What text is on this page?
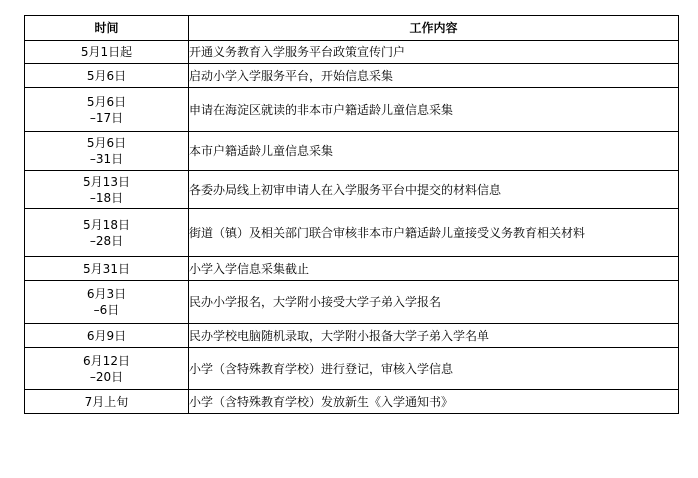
时间	工作内容

5月1日起	开通义务教育入学服务平台政策宣传门户

5月6日	启动小学入学服务平台，开始信息采集

5月6日
–17日	申请在海淀区就读的非本市户籍适龄儿童信息采集

5月6日
–31日	本市户籍适龄儿童信息采集

5月13日
–18日	各委办局线上初审申请人在入学服务平台中提交的材料信息

5月18日
–28日	街道（镇）及相关部门联合审核非本市户籍适龄儿童接受义务教育相关材料

5月31日	小学入学信息采集截止

6月3日
–6日	民办小学报名，大学附小接受大学子弟入学报名

6月9日	民办学校电脑随机录取，大学附小报备大学子弟入学名单

6月12日
–20日	小学（含特殊教育学校）进行登记，审核入学信息

7月上旬	小学（含特殊教育学校）发放新生《入学通知书》
